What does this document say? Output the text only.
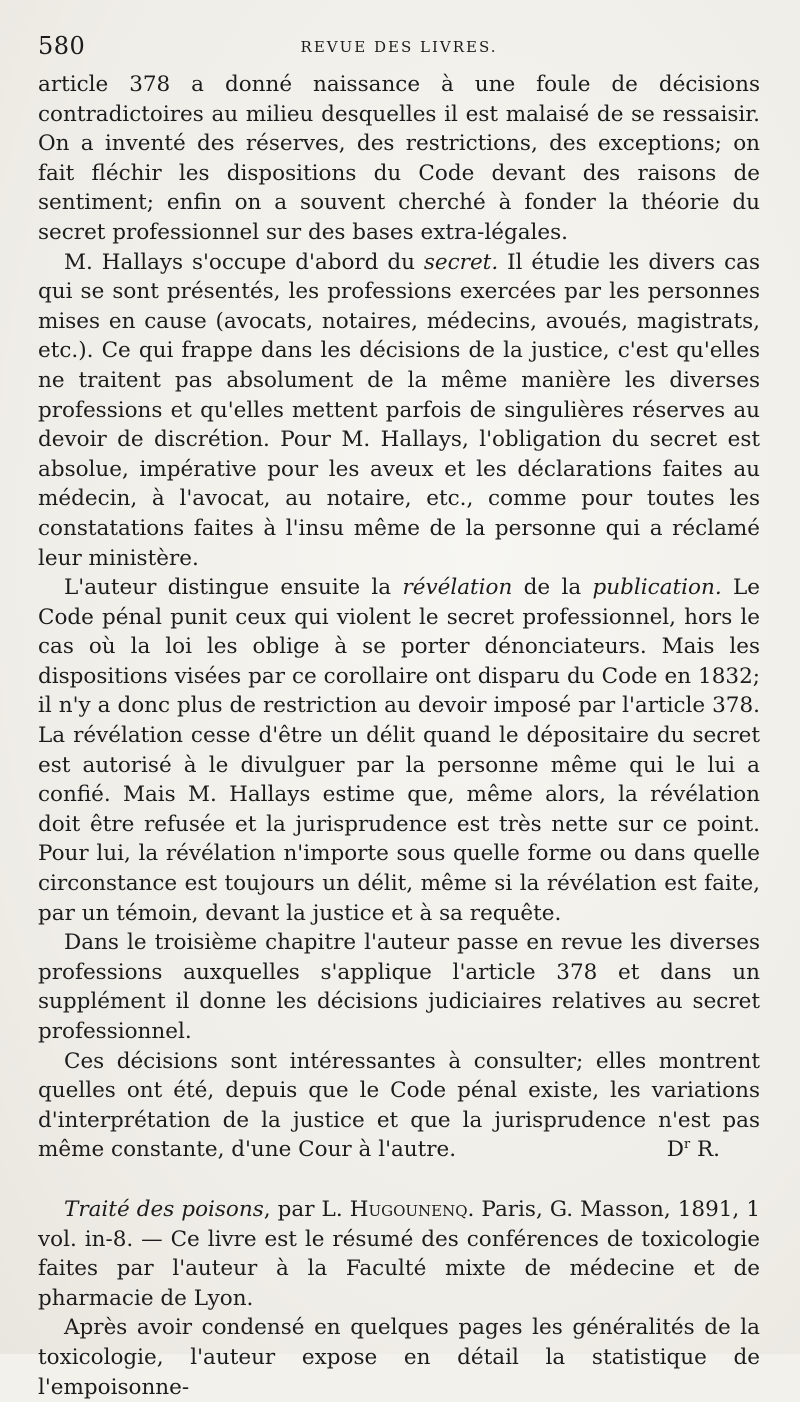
580	REVUE DES LIVRES.

article 378 a donné naissance à une foule de décisions contradictoires au milieu desquelles il est malaisé de se ressaisir. On a inventé des réserves, des restrictions, des exceptions; on fait fléchir les dispositions du Code devant des raisons de sentiment; enfin on a souvent cherché à fonder la théorie du secret professionnel sur des bases extra-légales.

M. Hallays s'occupe d'abord du secret. Il étudie les divers cas qui se sont présentés, les professions exercées par les personnes mises en cause (avocats, notaires, médecins, avoués, magistrats, etc.). Ce qui frappe dans les décisions de la justice, c'est qu'elles ne traitent pas absolument de la même manière les diverses professions et qu'elles mettent parfois de singulières réserves au devoir de discrétion. Pour M. Hallays, l'obligation du secret est absolue, impérative pour les aveux et les déclarations faites au médecin, à l'avocat, au notaire, etc., comme pour toutes les constatations faites à l'insu même de la personne qui a réclamé leur ministère.

L'auteur distingue ensuite la révélation de la publication. Le Code pénal punit ceux qui violent le secret professionnel, hors le cas où la loi les oblige à se porter dénonciateurs. Mais les dispositions visées par ce corollaire ont disparu du Code en 1832; il n'y a donc plus de restriction au devoir imposé par l'article 378. La révélation cesse d'être un délit quand le dépositaire du secret est autorisé à le divulguer par la personne même qui le lui a confié. Mais M. Hallays estime que, même alors, la révélation doit être refusée et la jurisprudence est très nette sur ce point. Pour lui, la révélation n'importe sous quelle forme ou dans quelle circonstance est toujours un délit, même si la révélation est faite, par un témoin, devant la justice et à sa requête.

Dans le troisième chapitre l'auteur passe en revue les diverses professions auxquelles s'applique l'article 378 et dans un supplément il donne les décisions judiciaires relatives au secret professionnel.

Ces décisions sont intéressantes à consulter; elles montrent quelles ont été, depuis que le Code pénal existe, les variations d'interprétation de la justice et que la jurisprudence n'est pas même constante, d'une Cour à l'autre.	$D^r$ R.

Traité des poisons, par L. Hugounenq. Paris, G. Masson, 1891, 1 vol. in-8. — Ce livre est le résumé des conférences de toxicologie faites par l'auteur à la Faculté mixte de médecine et de pharmacie de Lyon.

Après avoir condensé en quelques pages les généralités de la toxicologie, l'auteur expose en détail la statistique de l'empoisonne-
